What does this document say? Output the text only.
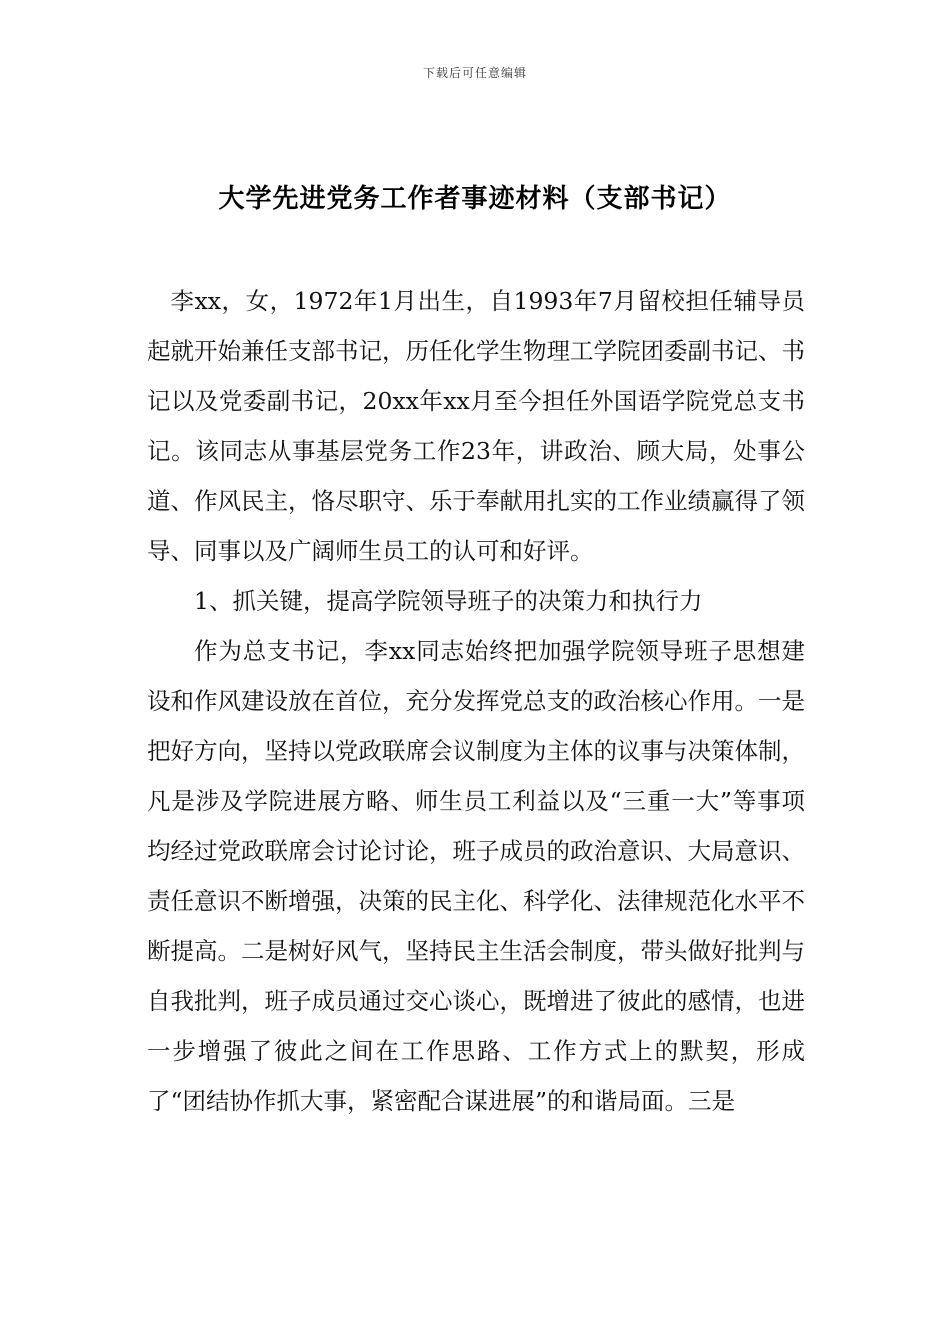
下载后可任意编辑
大学先进党务工作者事迹材料（支部书记）

李xx，女，1972年1月出生，自1993年7月留校担任辅导员起就开始兼任支部书记，历任化学生物理工学院团委副书记、书记以及党委副书记，20xx年xx月至今担任外国语学院党总支书记。该同志从事基层党务工作23年，讲政治、顾大局，处事公道、作风民主，恪尽职守、乐于奉献用扎实的工作业绩赢得了领导、同事以及广阔师生员工的认可和好评。

1、抓关键，提高学院领导班子的决策力和执行力

作为总支书记，李xx同志始终把加强学院领导班子思想建设和作风建设放在首位，充分发挥党总支的政治核心作用。一是把好方向，坚持以党政联席会议制度为主体的议事与决策体制，凡是涉及学院进展方略、师生员工利益以及“三重一大”等事项均经过党政联席会讨论讨论，班子成员的政治意识、大局意识、责任意识不断增强，决策的民主化、科学化、法律规范化水平不断提高。二是树好风气，坚持民主生活会制度，带头做好批判与自我批判，班子成员通过交心谈心，既增进了彼此的感情，也进一步增强了彼此之间在工作思路、工作方式上的默契，形成了“团结协作抓大事，紧密配合谋进展”的和谐局面。三是
